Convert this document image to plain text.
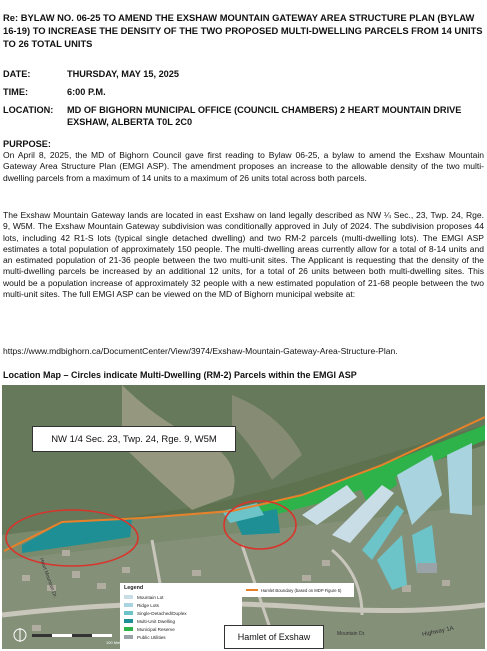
Re: BYLAW NO. 06-25 TO AMEND THE EXSHAW MOUNTAIN GATEWAY AREA STRUCTURE PLAN (BYLAW 16-19) TO INCREASE THE DENSITY OF THE TWO PROPOSED MULTI-DWELLING PARCELS FROM 14 UNITS TO 26 TOTAL UNITS
DATE:	THURSDAY, MAY 15, 2025
TIME:	6:00 P.M.
LOCATION:	MD OF BIGHORN MUNICIPAL OFFICE (COUNCIL CHAMBERS) 2 HEART MOUNTAIN DRIVE EXSHAW, ALBERTA T0L 2C0
PURPOSE:

On April 8, 2025, the MD of Bighorn Council gave first reading to Bylaw 06-25, a bylaw to amend the Exshaw Mountain Gateway Area Structure Plan (EMGI ASP). The amendment proposes an increase to the allowable density of the two multi-dwelling parcels from a maximum of 14 units to a maximum of 26 units total across both parcels.

The Exshaw Mountain Gateway lands are located in east Exshaw on land legally described as NW ¼ Sec., 23, Twp. 24, Rge. 9, W5M. The Exshaw Mountain Gateway subdivision was conditionally approved in July of 2024. The subdivision proposes 44 lots, including 42 R1-S lots (typical single detached dwelling) and two RM-2 parcels (multi-dwelling lots). The EMGI ASP estimates a total population of approximately 150 people. The multi-dwelling areas currently allow for a total of 8-14 units and an estimated population of 21-36 people between the two multi-unit sites. The Applicant is requesting that the density of the multi-dwelling parcels be increased by an additional 12 units, for a total of 26 units between both multi-dwelling sites. This would be a population increase of approximately 32 people with a new estimated population of 21-68 people between the two multi-unit sites. The full EMGI ASP can be viewed on the MD of Bighorn municipal website at:

https://www.mdbighorn.ca/DocumentCenter/View/3974/Exshaw-Mountain-Gateway-Area-Structure-Plan.

Location Map – Circles indicate Multi-Dwelling (RM-2) Parcels within the EMGI ASP
NW 1/4 Sec. 23, Twp. 24, Rge. 9, W5M
Legend
Mountain Lot
Ridge Lots
Single-Detached/Duplex
Multi-Unit Dwelling
Municipal Reserve
Public Utilities
Hamlet Boundary (based on MDP Figure 5)
Hamlet of Exshaw
100 Metres
Highway 1A
Mountain Dr.
Heart Mountain Dr.
